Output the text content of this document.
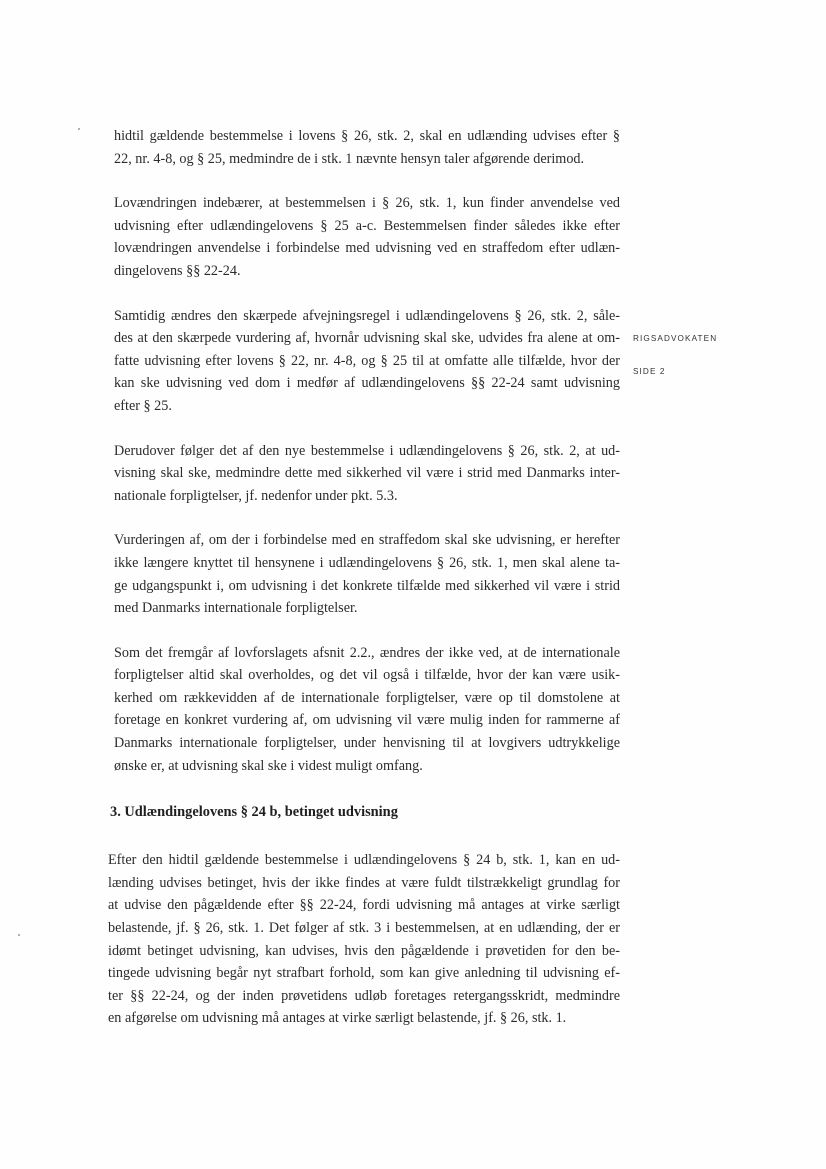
RIGSADVOKATEN
SIDE 2

hidtil gældende bestemmelse i lovens § 26, stk. 2, skal en udlænding udvises efter §
22, nr. 4-8, og § 25, medmindre de i stk. 1 nævnte hensyn taler afgørende derimod.

Lovændringen indebærer, at bestemmelsen i § 26, stk. 1, kun finder anvendelse ved
udvisning efter udlændingelovens § 25 a-c. Bestemmelsen finder således ikke efter
lovændringen anvendelse i forbindelse med udvisning ved en straffedom efter udlæn-
dingelovens §§ 22-24.

Samtidig ændres den skærpede afvejningsregel i udlændingelovens § 26, stk. 2, såle-
des at den skærpede vurdering af, hvornår udvisning skal ske, udvides fra alene at om-
fatte udvisning efter lovens § 22, nr. 4-8, og § 25 til at omfatte alle tilfælde, hvor der
kan ske udvisning ved dom i medfør af udlændingelovens §§ 22-24 samt udvisning
efter § 25.

Derudover følger det af den nye bestemmelse i udlændingelovens § 26, stk. 2, at ud-
visning skal ske, medmindre dette med sikkerhed vil være i strid med Danmarks inter-
nationale forpligtelser, jf. nedenfor under pkt. 5.3.

Vurderingen af, om der i forbindelse med en straffedom skal ske udvisning, er herefter
ikke længere knyttet til hensynene i udlændingelovens § 26, stk. 1, men skal alene ta-
ge udgangspunkt i, om udvisning i det konkrete tilfælde med sikkerhed vil være i strid
med Danmarks internationale forpligtelser.

Som det fremgår af lovforslagets afsnit 2.2., ændres der ikke ved, at de internationale
forpligtelser altid skal overholdes, og det vil også i tilfælde, hvor der kan være usik-
kerhed om rækkevidden af de internationale forpligtelser, være op til domstolene at
foretage en konkret vurdering af, om udvisning vil være mulig inden for rammerne af
Danmarks internationale forpligtelser, under henvisning til at lovgivers udtrykkelige
ønske er, at udvisning skal ske i videst muligt omfang.

3. Udlændingelovens § 24 b, betinget udvisning

Efter den hidtil gældende bestemmelse i udlændingelovens § 24 b, stk. 1, kan en ud-
lænding udvises betinget, hvis der ikke findes at være fuldt tilstrækkeligt grundlag for
at udvise den pågældende efter §§ 22-24, fordi udvisning må antages at virke særligt
belastende, jf. § 26, stk. 1. Det følger af stk. 3 i bestemmelsen, at en udlænding, der er
idømt betinget udvisning, kan udvises, hvis den pågældende i prøvetiden for den be-
tingede udvisning begår nyt strafbart forhold, som kan give anledning til udvisning ef-
ter §§ 22-24, og der inden prøvetidens udløb foretages retergangsskridt, medmindre
en afgørelse om udvisning må antages at virke særligt belastende, jf. § 26, stk. 1.
